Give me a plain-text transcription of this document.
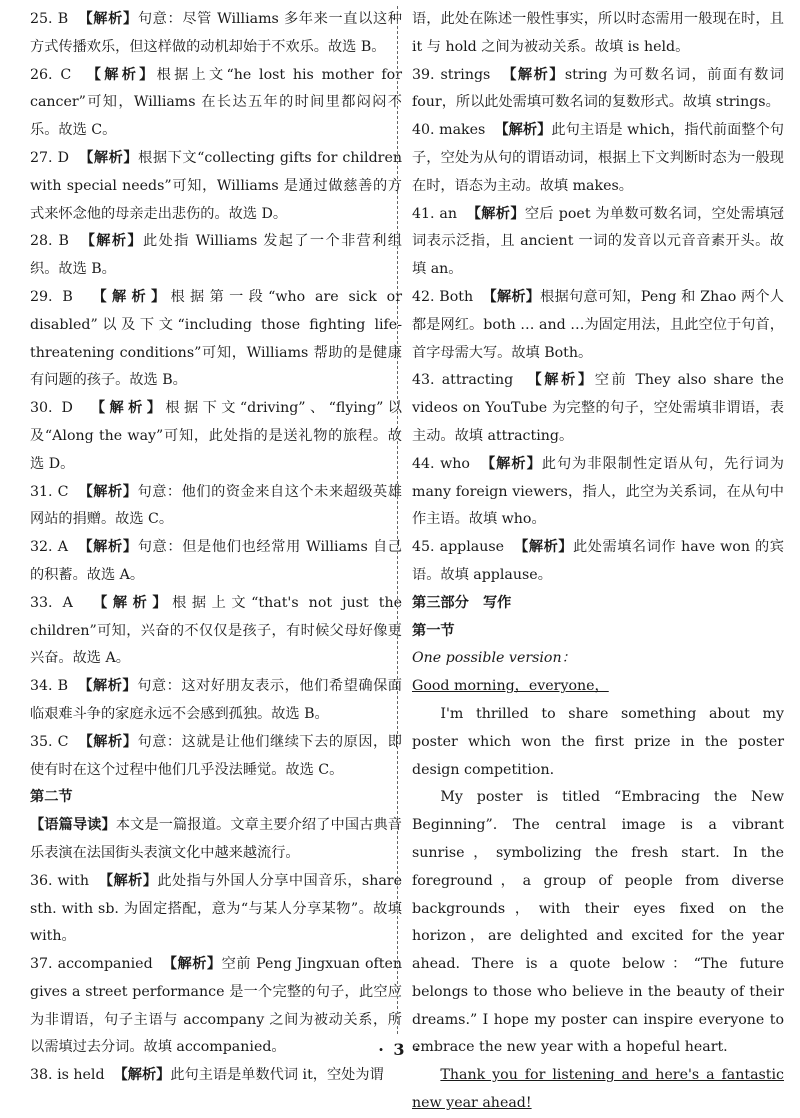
25. B 【解析】句意：尽管 Williams 多年来一直以这种方式传播欢乐，但这样做的动机却始于不欢乐。故选 B。

26. C 【解析】根据上文“he lost his mother for cancer”可知，Williams 在长达五年的时间里都闷闷不乐。故选 C。

27. D 【解析】根据下文“collecting gifts for children with special needs”可知，Williams 是通过做慈善的方式来怀念他的母亲走出悲伤的。故选 D。

28. B 【解析】此处指 Williams 发起了一个非营利组织。故选 B。

29. B 【解析】根据第一段“who are sick or disabled”以及下文“including those fighting life-threatening conditions”可知，Williams 帮助的是健康有问题的孩子。故选 B。

30. D 【解析】根据下文“driving”、“flying”以及“Along the way”可知，此处指的是送礼物的旅程。故选 D。

31. C 【解析】句意：他们的资金来自这个未来超级英雄网站的捐赠。故选 C。

32. A 【解析】句意：但是他们也经常用 Williams 自己的积蓄。故选 A。

33. A 【解析】根据上文“that's not just the children”可知，兴奋的不仅仅是孩子，有时候父母好像更兴奋。故选 A。

34. B 【解析】句意：这对好朋友表示，他们希望确保面临艰难斗争的家庭永远不会感到孤独。故选 B。

35. C 【解析】句意：这就是让他们继续下去的原因，即使有时在这个过程中他们几乎没法睡觉。故选 C。

第二节

【语篇导读】本文是一篇报道。文章主要介绍了中国古典音乐表演在法国街头表演文化中越来越流行。

36. with 【解析】此处指与外国人分享中国音乐，share sth. with sb. 为固定搭配，意为“与某人分享某物”。故填 with。

37. accompanied 【解析】空前 Peng Jingxuan often gives a street performance 是一个完整的句子，此空应为非谓语，句子主语与 accompany 之间为被动关系，所以需填过去分词。故填 accompanied。

38. is held 【解析】此句主语是单数代词 it，空处为谓

语，此处在陈述一般性事实，所以时态需用一般现在时，且 it 与 hold 之间为被动关系。故填 is held。

39. strings 【解析】string 为可数名词，前面有数词 four，所以此处需填可数名词的复数形式。故填 strings。

40. makes 【解析】此句主语是 which，指代前面整个句子，空处为从句的谓语动词，根据上下文判断时态为一般现在时，语态为主动。故填 makes。

41. an 【解析】空后 poet 为单数可数名词，空处需填冠词表示泛指，且 ancient 一词的发音以元音音素开头。故填 an。

42. Both 【解析】根据句意可知，Peng 和 Zhao 两个人都是网红。both … and …为固定用法，且此空位于句首，首字母需大写。故填 Both。

43. attracting 【解析】空前 They also share the videos on YouTube 为完整的句子，空处需填非谓语，表主动。故填 attracting。

44. who 【解析】此句为非限制性定语从句，先行词为 many foreign viewers，指人，此空为关系词，在从句中作主语。故填 who。

45. applause 【解析】此处需填名词作 have won 的宾语。故填 applause。

第三部分　写作

第一节

One possible version：

Good morning，everyone，

I'm thrilled to share something about my poster which won the first prize in the poster design competition.

My poster is titled “Embracing the New Beginning”. The central image is a vibrant sunrise，symbolizing the fresh start. In the foreground，a group of people from diverse backgrounds，with their eyes fixed on the horizon，are delighted and excited for the year ahead. There is a quote below：“The future belongs to those who believe in the beauty of their dreams.” I hope my poster can inspire everyone to embrace the new year with a hopeful heart.

Thank you for listening and here's a fantastic new year ahead!

· 3 ·
